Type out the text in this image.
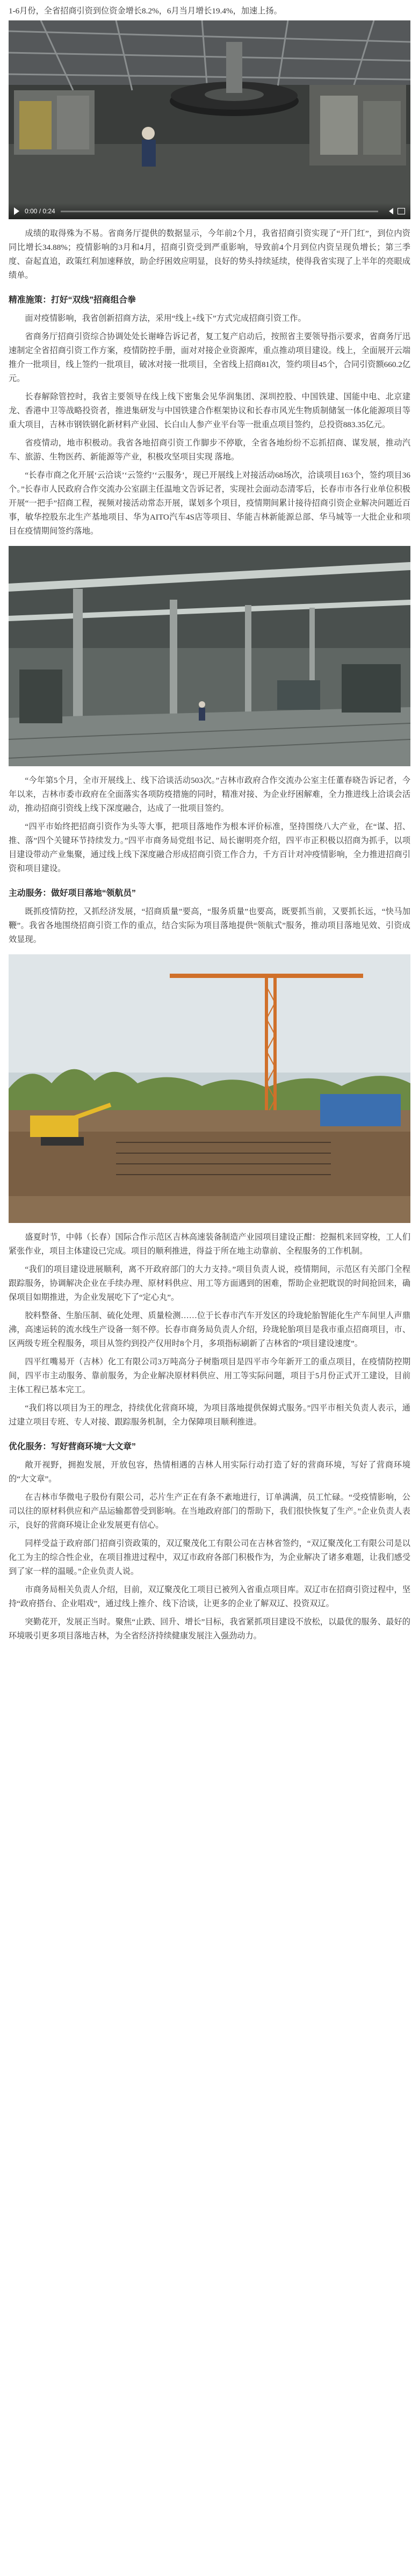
1-6月份，全省招商引资到位资金增长8.2%，6月当月增长19.4%，加速上扬。

0:00 / 0:24

成绩的取得殊为不易。省商务厅提供的数据显示，今年前2个月，我省招商引资实现了“开门红”，到位内资同比增长34.88%；疫情影响的3月和4月，招商引资受到严重影响，导致前4个月到位内资呈现负增长；第三季度、奋起直追，政策红利加速释放，助企纾困效应明显，良好的势头持续延续，使得我省实现了上半年的亮眼成绩单。

精准施策：打好“双线”招商组合拳

面对疫情影响，我省创新招商方法，采用“线上+线下”方式完成招商引资工作。

省商务厅招商引资综合协调处处长谢峰告诉记者，复工复产启动后，按照省主要领导指示要求，省商务厅迅速制定全省招商引资工作方案，疫情防控手册，面对对接企业资源库，重点推动项目建设。线上，全面展开云端推介一批项目，线上签约一批项目，破冰对接一批项目，全省线上招商81次，签约项目45个，合同引资额660.2亿元。

长春解除管控时，我省主要领导在线上线下密集会见华润集团、深圳控股、中国铁建、国能中电、北京建龙、香港中卫等战略投资者，推进集研发与中国铁建合作框架协议和长春市风光生物质制储氢一体化能源项目等重大项目，吉林市钢铁钢化新材料产业园、长白山人参产业平台等一批重点项目签约，总投资883.35亿元。

省疫情动，地市积极动。我省各地招商引资工作脚步不停歇，全省各地纷纷不忘抓招商、谋发展，推动汽车、旅游、生物医药、新能源等产业，积极攻坚项目实现 落地。

“长春市商之化开展‘云洽谈’‘云签约’‘云服务’，现已开展线上对接活动68场次，洽谈项目163个，签约项目36个。”长春市人民政府合作交流办公室副主任温地文告诉记者，实现社会面动态清零后，长春市市各行业单位积极开展“一把手”招商工程，视频对接活动常态开展，谋划多个项目，疫情期间累计接待招商引资企业解决问题近百事，敏华控股东北生产基地项目、华为AITO汽车4S店等项目、华能吉林新能源总部、华马城等一大批企业和项目在疫情期间签约落地。

“今年第5个月，全市开展线上、线下洽谈活动503次。”吉林市政府合作交流办公室主任董春晓告诉记者，今年以来，吉林市委市政府在全面落实各项防疫措施的同时，精准对接、为企业纾困解难，全力推进线上洽谈会活动，推动招商引资线上线下深度融合，达成了一批项目签约。

“四平市始终把招商引资作为头等大事，把项目落地作为根本评价标准，坚持围绕八大产业，在“谋、招、推、落”四个关键环节持续发力。”四平市商务局党组书记、局长谢明亮介绍，四平市正积极以招商为抓手，以项目建设带动产业集聚，通过线上线下深度融合形成招商引资工作合力，千方百计对冲疫情影响，全力推进招商引资和项目建设。

主动服务：做好项目落地“领航员”

既抓疫情防控，又抓经济发展，“招商质量”要高，“服务质量”也要高，既要抓当前，又要抓长远，“快马加鞭”。我省各地围绕招商引资工作的重点，结合实际为项目落地提供“领航式”服务，推动项目落地见效、引资成效显现。

盛夏时节，中韩（长春）国际合作示范区吉林高速装备制造产业园项目建设正酣：挖掘机来回穿梭，工人们紧张作业，项目主体建设已完成。项目的顺利推进，得益于所在地主动靠前、全程服务的工作机制。

“我们的项目建设进展顺利，离不开政府部门的大力支持。”项目负责人说，疫情期间，示范区有关部门全程跟踪服务，协调解决企业在手续办理、原材料供应、用工等方面遇到的困难，帮助企业把耽误的时间抢回来，确保项目如期推进，为企业发展吃下了“定心丸”。

胶料整备、生胎压制、硫化处理、质量检测……位于长春市汽车开发区的玲珑轮胎智能化生产车间里人声鼎沸，高速运转的流水线生产设备一刻不停。长春市商务局负责人介绍，玲珑轮胎项目是我市重点招商项目，市、区两级专班全程服务，项目从签约到投产仅用时8个月，多项指标刷新了吉林省的“项目建设速度”。

四平红嘴易开（吉林）化工有限公司3万吨高分子树脂项目是四平市今年新开工的重点项目，在疫情防控期间，四平市主动服务、靠前服务，为企业解决原材料供应、用工等实际问题，项目于5月份正式开工建设，目前主体工程已基本完工。

“我们将以项目为王的理念，持续优化营商环境，为项目落地提供保姆式服务。”四平市相关负责人表示，通过建立项目专班、专人对接、跟踪服务机制，全力保障项目顺利推进。

优化服务：写好营商环境“大文章”

敞开视野，拥抱发展，开放包容，热情相遇的吉林人用实际行动打造了好的营商环境，写好了营商环境的“大文章”。

在吉林市华微电子股份有限公司，芯片生产正在有条不紊地进行，订单满满，员工忙碌。“受疫情影响，公司以往的原材料供应和产品运输都曾受到影响。在当地政府部门的帮助下，我们很快恢复了生产。”企业负责人表示，良好的营商环境让企业发展更有信心。

同样受益于政府部门招商引资政策的，双辽聚茂化工有限公司在吉林省签约，“双辽聚茂化工有限公司是以化工为主的综合性企业，在项目推进过程中，双辽市政府各部门积极作为，为企业解决了诸多难题，让我们感受到了家一样的温暖。”企业负责人说。

市商务局相关负责人介绍，目前，双辽聚茂化工项目已被列入省重点项目库。双辽市在招商引资过程中，坚持“政府搭台、企业唱戏”，通过线上推介、线下洽谈，让更多的企业了解双辽、投资双辽。

突勤花开，发展正当时。聚焦“止跌、回升、增长”目标，我省紧抓项目建设不放松，以最优的服务、最好的环境吸引更多项目落地吉林，为全省经济持续健康发展注入强劲动力。
